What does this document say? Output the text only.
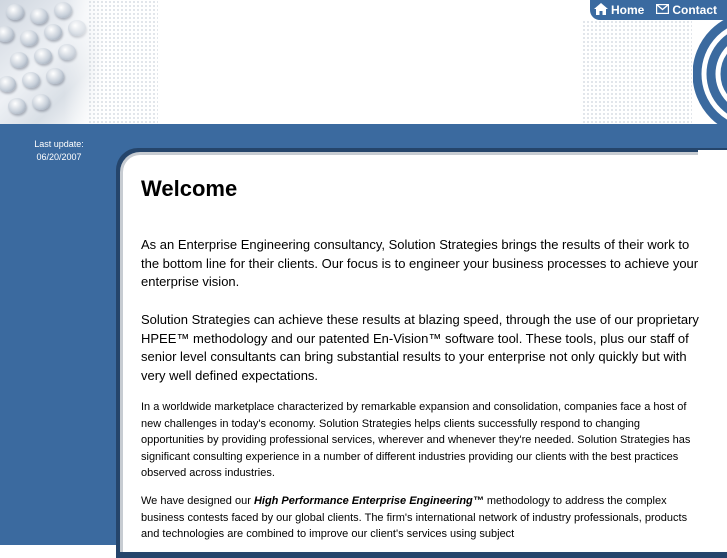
Home Contact
Last update:
06/20/2007
Welcome

As an Enterprise Engineering consultancy, Solution Strategies brings the results of their work to the bottom line for their clients. Our focus is to engineer your business processes to achieve your enterprise vision.

Solution Strategies can achieve these results at blazing speed, through the use of our proprietary HPEE™ methodology and our patented En-Vision™ software tool. These tools, plus our staff of senior level consultants can bring substantial results to your enterprise not only quickly but with very well defined expectations.

In a worldwide marketplace characterized by remarkable expansion and consolidation, companies face a host of new challenges in today's economy. Solution Strategies helps clients successfully respond to changing opportunities by providing professional services, wherever and whenever they're needed. Solution Strategies has significant consulting experience in a number of different industries providing our clients with the best practices observed across industries.

We have designed our High Performance Enterprise Engineering™ methodology to address the complex business contests faced by our global clients. The firm's international network of industry professionals, products and technologies are combined to improve our client's services using subject
